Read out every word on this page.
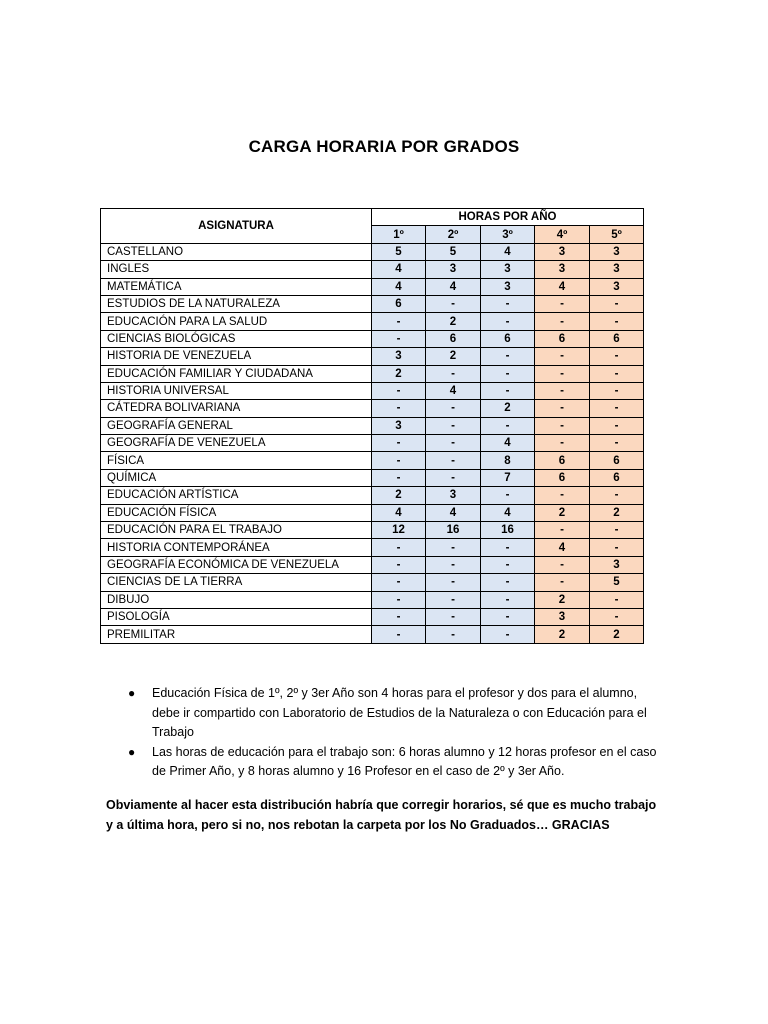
CARGA HORARIA POR GRADOS
ASIGNATURA	HORAS POR AÑO				
	1º	2º	3º	4º	5º
CASTELLANO	5	5	4	3	3
INGLES	4	3	3	3	3
MATEMÁTICA	4	4	3	4	3
ESTUDIOS DE LA NATURALEZA	6	-	-	-	-
EDUCACIÓN PARA LA SALUD	-	2	-	-	-
CIENCIAS BIOLÓGICAS	-	6	6	6	6
HISTORIA DE VENEZUELA	3	2	-	-	-
EDUCACIÓN FAMILIAR Y CIUDADANA	2	-	-	-	-
HISTORIA UNIVERSAL	-	4	-	-	-
CÁTEDRA BOLIVARIANA	-	-	2	-	-
GEOGRAFÍA GENERAL	3	-	-	-	-
GEOGRAFÍA DE VENEZUELA	-	-	4	-	-
FÍSICA	-	-	8	6	6
QUÍMICA	-	-	7	6	6
EDUCACIÓN ARTÍSTICA	2	3	-	-	-
EDUCACIÓN FÍSICA	4	4	4	2	2
EDUCACIÓN PARA EL TRABAJO	12	16	16	-	-
HISTORIA CONTEMPORÁNEA	-	-	-	4	-
GEOGRAFÍA ECONÓMICA DE VENEZUELA	-	-	-	-	3
CIENCIAS DE LA TIERRA	-	-	-	-	5
DIBUJO	-	-	-	2	-
PISOLOGÍA	-	-	-	3	-
PREMILITAR	-	-	-	2	2
● Educación Física de 1º, 2º y 3er Año son 4 horas para el profesor y dos para el alumno, debe ir compartido con Laboratorio de Estudios de la Naturaleza o con Educación para el Trabajo
● Las horas de educación para el trabajo son: 6 horas alumno y 12 horas profesor en el caso de Primer Año, y 8 horas alumno y 16 Profesor en el caso de 2º y 3er Año.
Obviamente al hacer esta distribución habría que corregir horarios, sé que es mucho trabajo y a última hora, pero si no, nos rebotan la carpeta por los No Graduados… GRACIAS
